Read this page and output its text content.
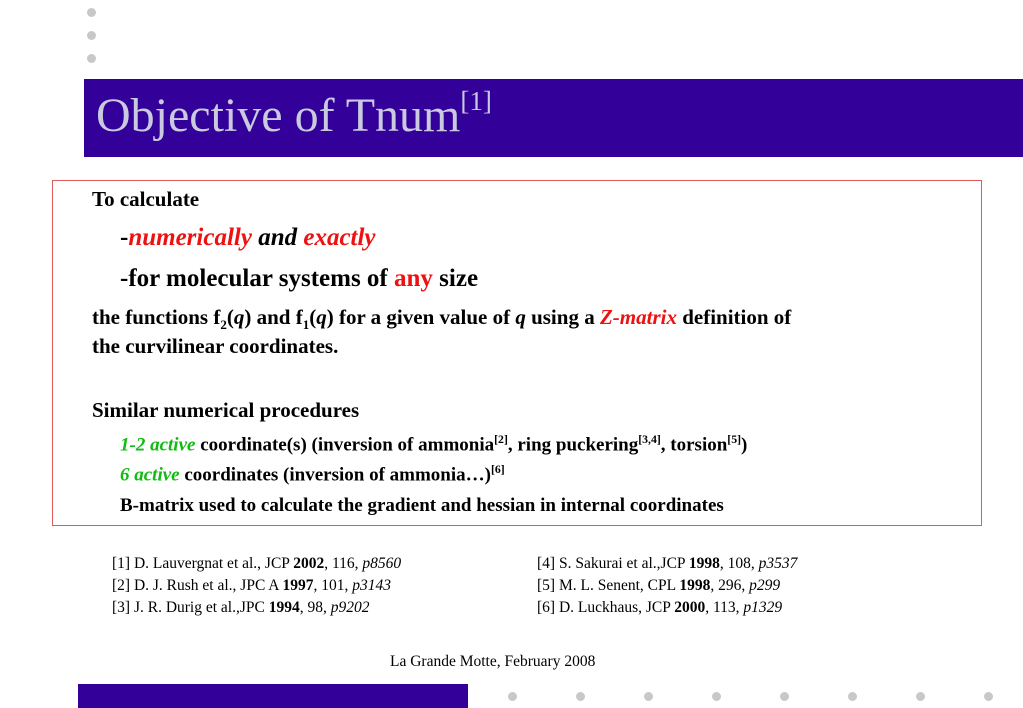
Objective of Tnum[1]
To calculate
-numerically and exactly
-for molecular systems of any size
the functions $f_2(q)$ and $f_1(q)$ for a given value of q using a Z-matrix definition of
the curvilinear coordinates.
Similar numerical procedures
1-2 active coordinate(s) (inversion of ammonia[2], ring puckering[3,4], torsion[5])
6 active coordinates (inversion of ammonia…)[6]
B-matrix used to calculate the gradient and hessian in internal coordinates
[1] D. Lauvergnat et al., JCP 2002, 116, p8560
[2] D. J. Rush et al., JPC A 1997, 101, p3143
[3] J. R. Durig et al.,JPC 1994, 98, p9202
[4] S. Sakurai et al.,JCP 1998, 108, p3537
[5] M. L. Senent, CPL 1998, 296, p299
[6] D. Luckhaus, JCP 2000, 113, p1329
La Grande Motte, February 2008
